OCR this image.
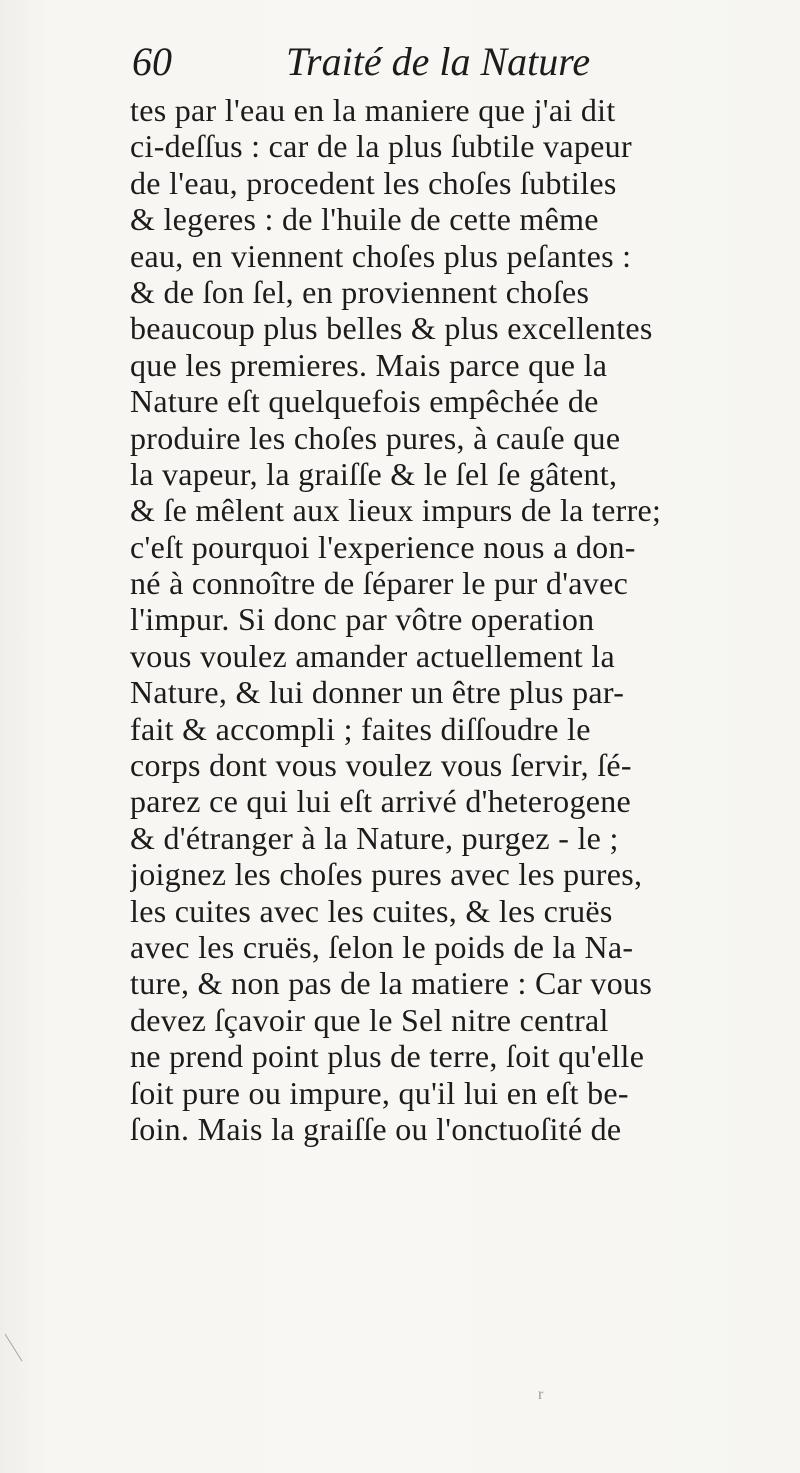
60	Traité de la Nature
tes par l'eau en la maniere que j'ai dit
ci-deſſus : car de la plus ſubtile vapeur
de l'eau, procedent les choſes ſubtiles
& legeres : de l'huile de cette même
eau, en viennent choſes plus peſantes :
& de ſon ſel, en proviennent choſes
beaucoup plus belles & plus excellentes
que les premieres. Mais parce que la
Nature eſt quelquefois empêchée de
produire les choſes pures, à cauſe que
la vapeur, la graiſſe & le ſel ſe gâtent,
& ſe mêlent aux lieux impurs de la terre;
c'eſt pourquoi l'experience nous a don-
né à connoître de ſéparer le pur d'avec
l'impur. Si donc par vôtre operation
vous voulez amander actuellement la
Nature, & lui donner un être plus par-
fait & accompli ; faites diſſoudre le
corps dont vous voulez vous ſervir, ſé-
parez ce qui lui eſt arrivé d'heterogene
& d'étranger à la Nature, purgez - le ;
joignez les choſes pures avec les pures,
les cuites avec les cuites, & les cruës
avec les cruës, ſelon le poids de la Na-
ture, & non pas de la matiere : Car vous
devez ſçavoir que le Sel nitre central
ne prend point plus de terre, ſoit qu'elle
ſoit pure ou impure, qu'il lui en eſt be-
ſoin. Mais la graiſſe ou l'onctuoſité de
r
